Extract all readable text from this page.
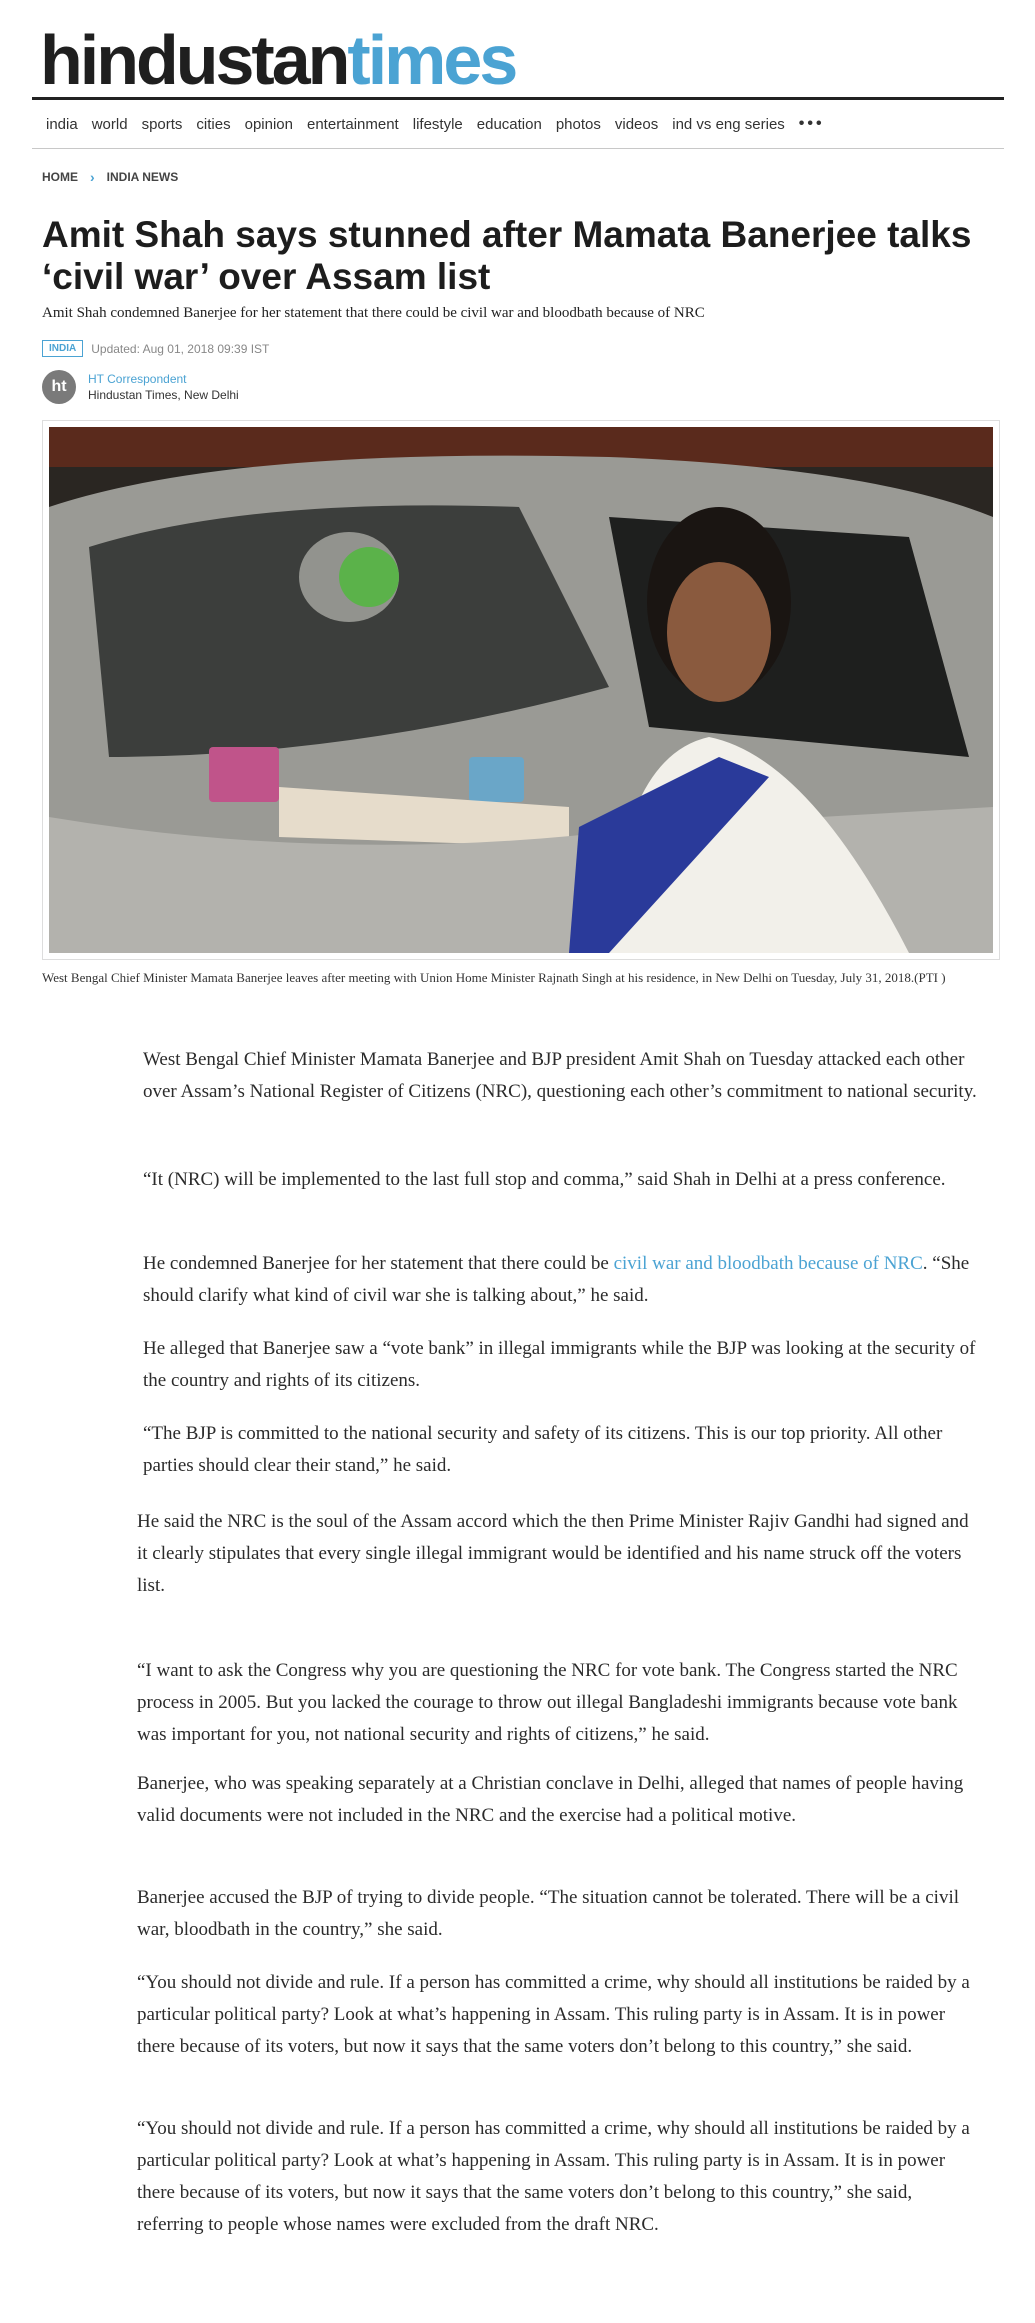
hindustantimes
india world sports cities opinion entertainment lifestyle education photos videos ind vs eng series •••
HOME › INDIA NEWS
Amit Shah says stunned after Mamata Banerjee talks ‘civil war’ over Assam list
Amit Shah condemned Banerjee for her statement that there could be civil war and bloodbath because of NRC
INDIA	Updated: Aug 01, 2018 09:39 IST
ht	HT Correspondent
Hindustan Times, New Delhi
West Bengal Chief Minister Mamata Banerjee leaves after meeting with Union Home Minister Rajnath Singh at his residence, in New Delhi on Tuesday, July 31, 2018.(PTI )

West Bengal Chief Minister Mamata Banerjee and BJP president Amit Shah on Tuesday attacked each other over Assam’s National Register of Citizens (NRC), questioning each other’s commitment to national security.

“It (NRC) will be implemented to the last full stop and comma,” said Shah in Delhi at a press conference.

He condemned Banerjee for her statement that there could be civil war and bloodbath because of NRC. “She should clarify what kind of civil war she is talking about,” he said.

He alleged that Banerjee saw a “vote bank” in illegal immigrants while the BJP was looking at the security of the country and rights of its citizens.

“The BJP is committed to the national security and safety of its citizens. This is our top priority. All other parties should clear their stand,” he said.

He said the NRC is the soul of the Assam accord which the then Prime Minister Rajiv Gandhi had signed and it clearly stipulates that every single illegal immigrant would be identified and his name struck off the voters list.

“I want to ask the Congress why you are questioning the NRC for vote bank. The Congress started the NRC process in 2005. But you lacked the courage to throw out illegal Bangladeshi immigrants because vote bank was important for you, not national security and rights of citizens,” he said.

Banerjee, who was speaking separately at a Christian conclave in Delhi, alleged that names of people having valid documents were not included in the NRC and the exercise had a political motive.

Banerjee accused the BJP of trying to divide people. “The situation cannot be tolerated. There will be a civil war, bloodbath in the country,” she said.

“You should not divide and rule. If a person has committed a crime, why should all institutions be raided by a particular political party? Look at what’s happening in Assam. This ruling party is in Assam. It is in power there because of its voters, but now it says that the same voters don’t belong to this country,” she said.

“You should not divide and rule. If a person has committed a crime, why should all institutions be raided by a particular political party? Look at what’s happening in Assam. This ruling party is in Assam. It is in power there because of its voters, but now it says that the same voters don’t belong to this country,” she said, referring to people whose names were excluded from the draft NRC.
